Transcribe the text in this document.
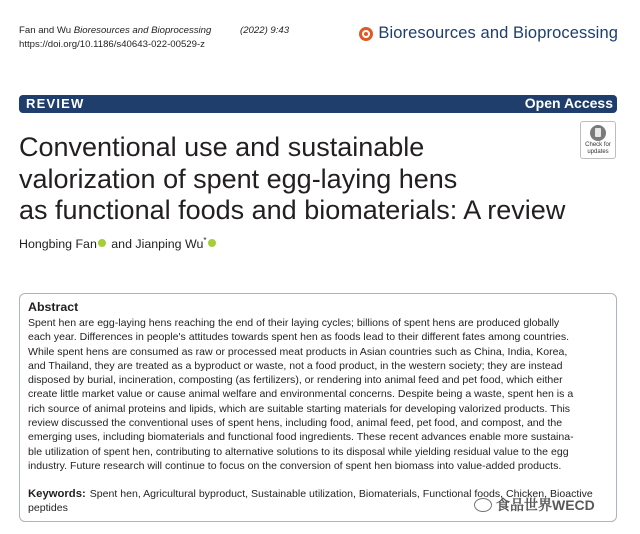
Fan and Wu Bioresources and Bioprocessing	(2022) 9:43
https://doi.org/10.1186/s40643-022-00529-z
Bioresources and Bioprocessing
REVIEW	Open Access
Check for
updates
Conventional use and sustainable
valorization of spent egg-laying hens
as functional foods and biomaterials: A review
Hongbing Fan and Jianping Wu*
Abstract

Spent hen are egg-laying hens reaching the end of their laying cycles; billions of spent hens are produced globally
each year. Differences in people's attitudes towards spent hen as foods lead to their different fates among countries.
While spent hens are consumed as raw or processed meat products in Asian countries such as China, India, Korea,
and Thailand, they are treated as a byproduct or waste, not a food product, in the western society; they are instead
disposed by burial, incineration, composting (as fertilizers), or rendering into animal feed and pet food, which either
create little market value or cause animal welfare and environmental concerns. Despite being a waste, spent hen is a
rich source of animal proteins and lipids, which are suitable starting materials for developing valorized products. This
review discussed the conventional uses of spent hens, including food, animal feed, pet food, and compost, and the
emerging uses, including biomaterials and functional food ingredients. These recent advances enable more sustaina-
ble utilization of spent hen, contributing to alternative solutions to its disposal while yielding residual value to the egg
industry. Future research will continue to focus on the conversion of spent hen biomass into value-added products.

Keywords: Spent hen, Agricultural byproduct, Sustainable utilization, Biomaterials, Functional foods, Chicken, Bioactive peptides	食品世界WECD
